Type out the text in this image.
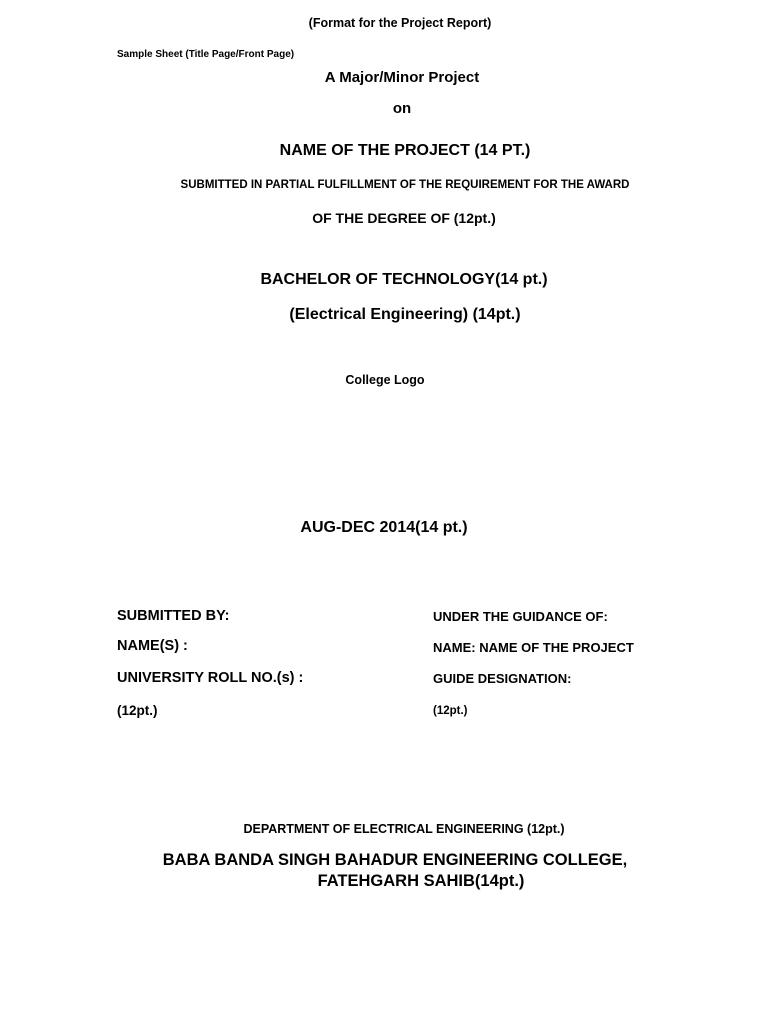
(Format for the Project Report)
Sample Sheet (Title Page/Front Page)
A Major/Minor Project
on
NAME OF THE PROJECT (14 PT.)
SUBMITTED IN PARTIAL FULFILLMENT OF THE REQUIREMENT FOR THE AWARD
OF THE DEGREE OF (12pt.)
BACHELOR OF TECHNOLOGY(14 pt.)
(Electrical Engineering) (14pt.)
College Logo
AUG-DEC 2014(14 pt.)
SUBMITTED BY:
NAME(S) :
UNIVERSITY ROLL NO.(s) :
(12pt.)
UNDER THE GUIDANCE OF:
NAME: NAME OF THE PROJECT
GUIDE DESIGNATION:
(12pt.)
DEPARTMENT OF ELECTRICAL ENGINEERING (12pt.)
BABA BANDA SINGH BAHADUR ENGINEERING COLLEGE,
FATEHGARH SAHIB(14pt.)
